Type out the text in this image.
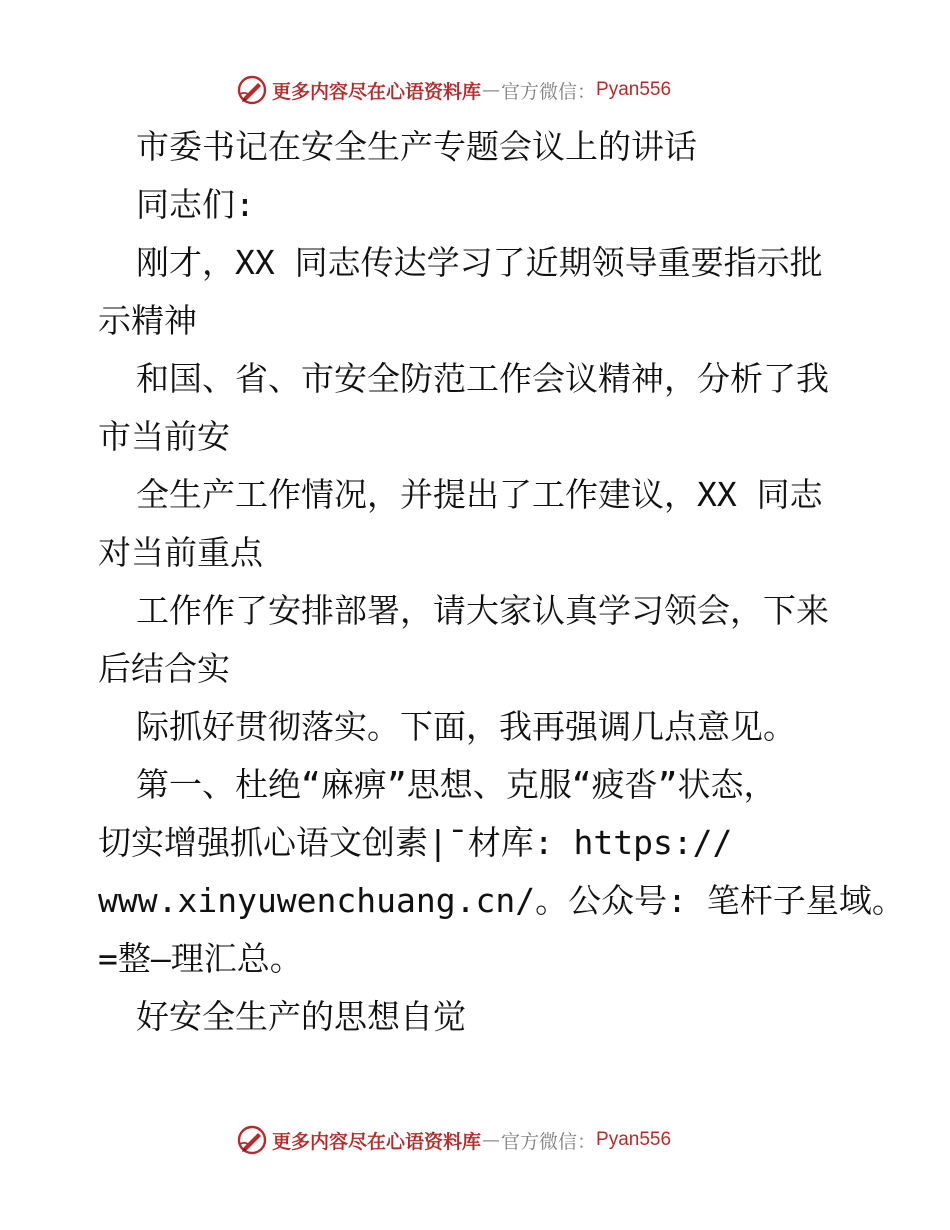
更多内容尽在心语资料库 — 官方微信： Pyan556
市委书记在安全生产专题会议上的讲话
同志们:
刚才，XX 同志传达学习了近期领导重要指示批
示精神
和国、省、市安全防范工作会议精神，分析了我
市当前安
全生产工作情况，并提出了工作建议，XX 同志
对当前重点
工作作了安排部署，请大家认真学习领会，下来
后结合实
际抓好贯彻落实。下面，我再强调几点意见。
第一、杜绝“麻痹”思想、克服“疲沓”状态，
切实增强抓心语文创素|¯材库: https://
www.xinyuwenchuang.cn/。公众号: 笔杆子星域。
=整—理汇总。
好安全生产的思想自觉
更多内容尽在心语资料库 — 官方微信： Pyan556
